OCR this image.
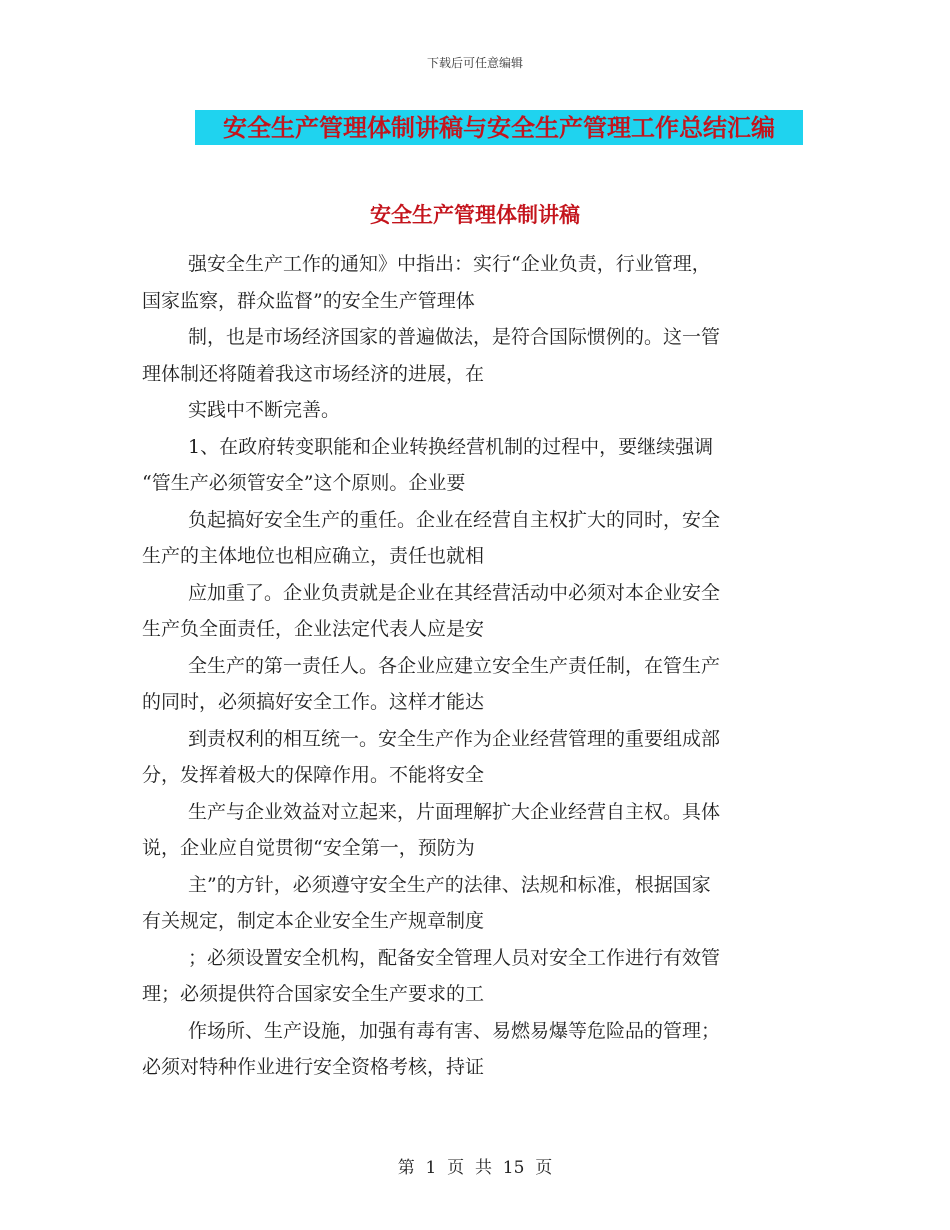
下载后可任意编辑
安全生产管理体制讲稿与安全生产管理工作总结汇编
安全生产管理体制讲稿
强安全生产工作的通知》中指出：实行“企业负责，行业管理，
国家监察，群众监督”的安全生产管理体
制，也是市场经济国家的普遍做法，是符合国际惯例的。这一管
理体制还将随着我这市场经济的进展，在
实践中不断完善。
1、在政府转变职能和企业转换经营机制的过程中，要继续强调
“管生产必须管安全”这个原则。企业要
负起搞好安全生产的重任。企业在经营自主权扩大的同时，安全
生产的主体地位也相应确立，责任也就相
应加重了。企业负责就是企业在其经营活动中必须对本企业安全
生产负全面责任，企业法定代表人应是安
全生产的第一责任人。各企业应建立安全生产责任制，在管生产
的同时，必须搞好安全工作。这样才能达
到责权利的相互统一。安全生产作为企业经营管理的重要组成部
分，发挥着极大的保障作用。不能将安全
生产与企业效益对立起来，片面理解扩大企业经营自主权。具体
说，企业应自觉贯彻“安全第一，预防为
主”的方针，必须遵守安全生产的法律、法规和标准，根据国家
有关规定，制定本企业安全生产规章制度
；必须设置安全机构，配备安全管理人员对安全工作进行有效管
理；必须提供符合国家安全生产要求的工
作场所、生产设施，加强有毒有害、易燃易爆等危险品的管理；
必须对特种作业进行安全资格考核，持证
第  1  页  共  15  页
